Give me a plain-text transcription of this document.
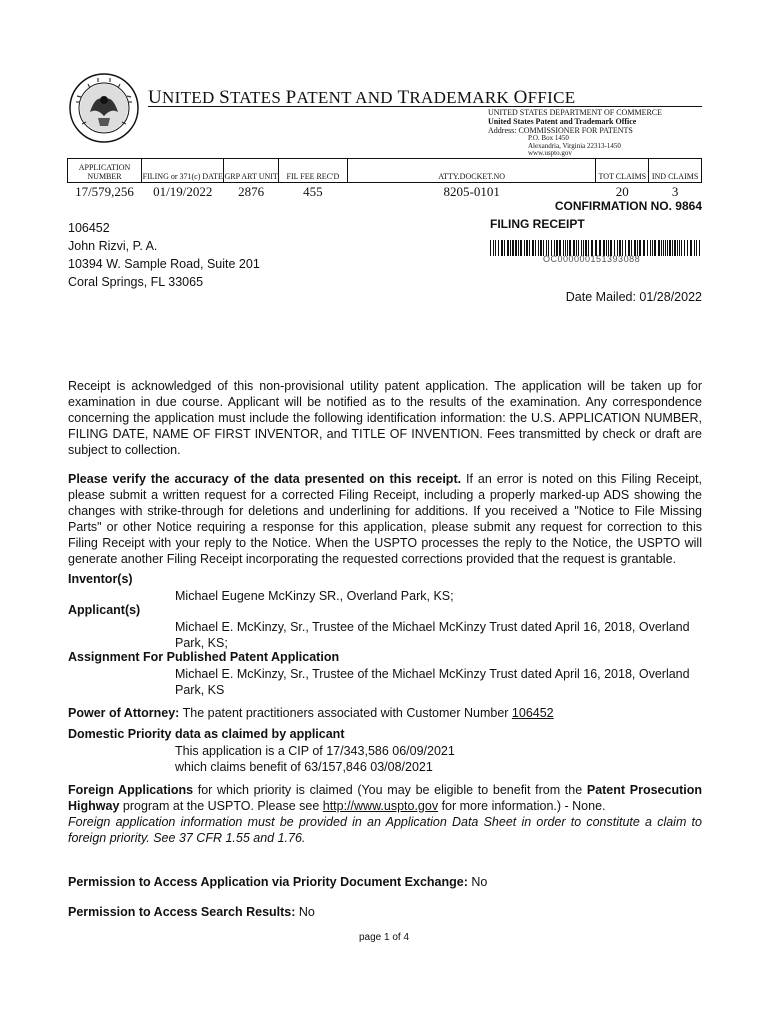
UNITED STATES PATENT AND TRADEMARK OFFICE
UNITED STATES DEPARTMENT OF COMMERCE
United States Patent and Trademark Office
Address: COMMISSIONER FOR PATENTS
P.O. Box 1450
Alexandria, Virginia 22313-1450
www.uspto.gov
APPLICATION NUMBER	FILING or 371(c) DATE	GRP ART UNIT	FIL FEE REC'D	ATTY.DOCKET.NO	TOT CLAIMS	IND CLAIMS
17/579,256	01/19/2022	2876	455	8205-0101	20	3
CONFIRMATION NO. 9864
FILING RECEIPT
OC000000151393088
106452
John Rizvi, P. A.
10394 W. Sample Road, Suite 201
Coral Springs, FL 33065
Date Mailed: 01/28/2022
Receipt is acknowledged of this non-provisional utility patent application. The application will be taken up for examination in due course. Applicant will be notified as to the results of the examination. Any correspondence concerning the application must include the following identification information: the U.S. APPLICATION NUMBER, FILING DATE, NAME OF FIRST INVENTOR, and TITLE OF INVENTION. Fees transmitted by check or draft are subject to collection.
Please verify the accuracy of the data presented on this receipt. If an error is noted on this Filing Receipt, please submit a written request for a corrected Filing Receipt, including a properly marked-up ADS showing the changes with strike-through for deletions and underlining for additions. If you received a "Notice to File Missing Parts" or other Notice requiring a response for this application, please submit any request for correction to this Filing Receipt with your reply to the Notice. When the USPTO processes the reply to the Notice, the USPTO will generate another Filing Receipt incorporating the requested corrections provided that the request is grantable.
Inventor(s)
Michael Eugene McKinzy SR., Overland Park, KS;
Applicant(s)
Michael E. McKinzy, Sr., Trustee of the Michael McKinzy Trust dated April 16, 2018, Overland Park, KS;
Assignment For Published Patent Application
Michael E. McKinzy, Sr., Trustee of the Michael McKinzy Trust dated April 16, 2018, Overland Park, KS
Power of Attorney: The patent practitioners associated with Customer Number 106452
Domestic Priority data as claimed by applicant
This application is a CIP of 17/343,586 06/09/2021
which claims benefit of 63/157,846 03/08/2021
Foreign Applications for which priority is claimed (You may be eligible to benefit from the Patent Prosecution Highway program at the USPTO. Please see http://www.uspto.gov for more information.) - None.
Foreign application information must be provided in an Application Data Sheet in order to constitute a claim to foreign priority. See 37 CFR 1.55 and 1.76.
Permission to Access Application via Priority Document Exchange: No
Permission to Access Search Results: No
page 1 of 4
